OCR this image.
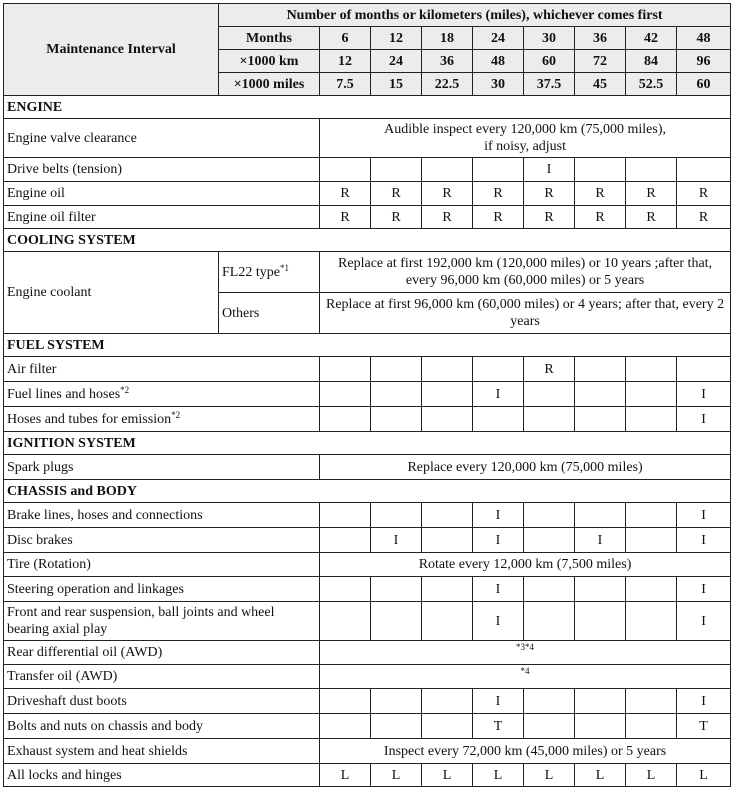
Maintenance Interval	Number of months or kilometers (miles), whichever comes first								
	Months	6	12	18	24	30	36	42	48
	×1000 km	12	24	36	48	60	72	84	96
	×1000 miles	7.5	15	22.5	30	37.5	45	52.5	60
ENGINE									
Engine valve clearance		Audible inspect every 120,000 km (75,000 miles),
if noisy, adjust							
Drive belts (tension)						I			
Engine oil		R	R	R	R	R	R	R	R
Engine oil filter		R	R	R	R	R	R	R	R
COOLING SYSTEM									
Engine coolant	FL22 type$^{*1}$	Replace at first 192,000 km (120,000 miles) or 10 years ;after that, every 96,000 km (60,000 miles) or 5 years							
	Others	Replace at first 96,000 km (60,000 miles) or 4 years; after that, every 2 years							
FUEL SYSTEM									
Air filter						R			
Fuel lines and hoses$^{*2}$					I				I
Hoses and tubes for emission$^{*2}$									I
IGNITION SYSTEM									
Spark plugs		Replace every 120,000 km (75,000 miles)							
CHASSIS and BODY									
Brake lines, hoses and connections					I				I
Disc brakes			I		I		I		I
Tire (Rotation)		Rotate every 12,000 km (7,500 miles)							
Steering operation and linkages					I				I
Front and rear suspension, ball joints and wheel bearing axial play					I				I
Rear differential oil (AWD)		*3*4							
Transfer oil (AWD)		*4							
Driveshaft dust boots					I				I
Bolts and nuts on chassis and body					T				T
Exhaust system and heat shields		Inspect every 72,000 km (45,000 miles) or 5 years							
All locks and hinges		L	L	L	L	L	L	L	L
